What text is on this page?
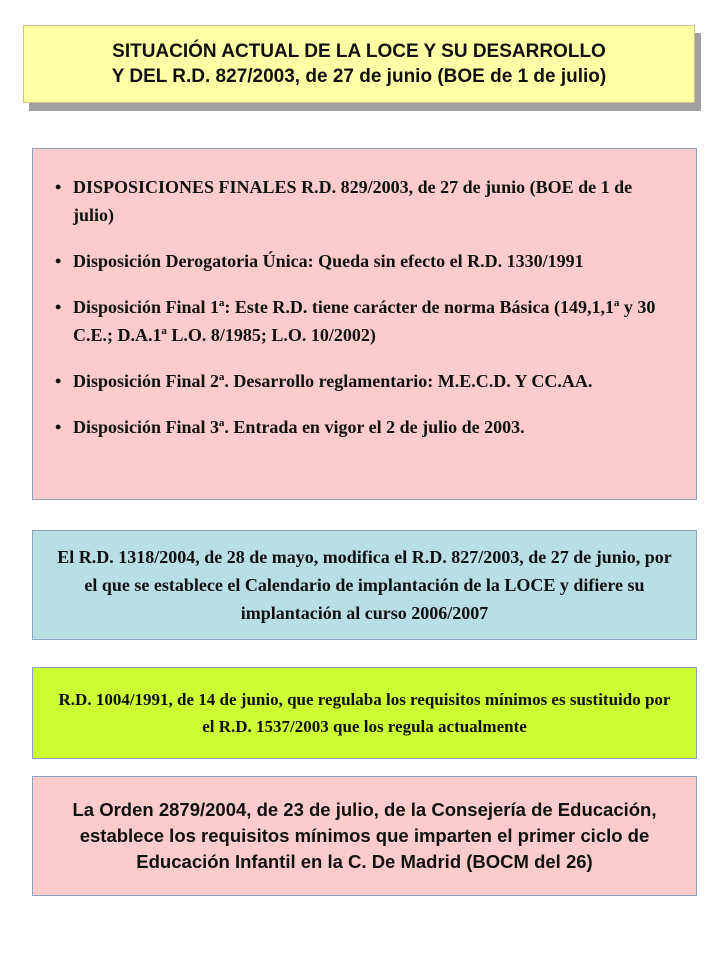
SITUACIÓN ACTUAL DE LA LOCE Y SU DESARROLLO
Y DEL R.D. 827/2003, de 27 de junio (BOE de 1 de julio)
• DISPOSICIONES FINALES R.D. 829/2003, de 27 de junio (BOE de 1 de julio)
• Disposición Derogatoria Única: Queda sin efecto el R.D. 1330/1991
• Disposición Final 1ª: Este R.D. tiene carácter de norma Básica (149,1,1ª y 30 C.E.; D.A.1ª L.O. 8/1985; L.O. 10/2002)
• Disposición Final 2ª. Desarrollo reglamentario: M.E.C.D. Y CC.AA.
• Disposición Final 3ª. Entrada en vigor el 2 de julio de 2003.
El R.D. 1318/2004, de 28 de mayo, modifica el R.D. 827/2003, de 27 de junio, por el que se establece el Calendario de implantación de la LOCE y difiere su implantación al curso 2006/2007
R.D. 1004/1991, de 14 de junio, que regulaba los requisitos mínimos es sustituido por el R.D. 1537/2003 que los regula actualmente
La Orden 2879/2004, de 23 de julio, de la Consejería de Educación, establece los requisitos mínimos que imparten el primer ciclo de Educación Infantil en la C. De Madrid (BOCM del 26)
